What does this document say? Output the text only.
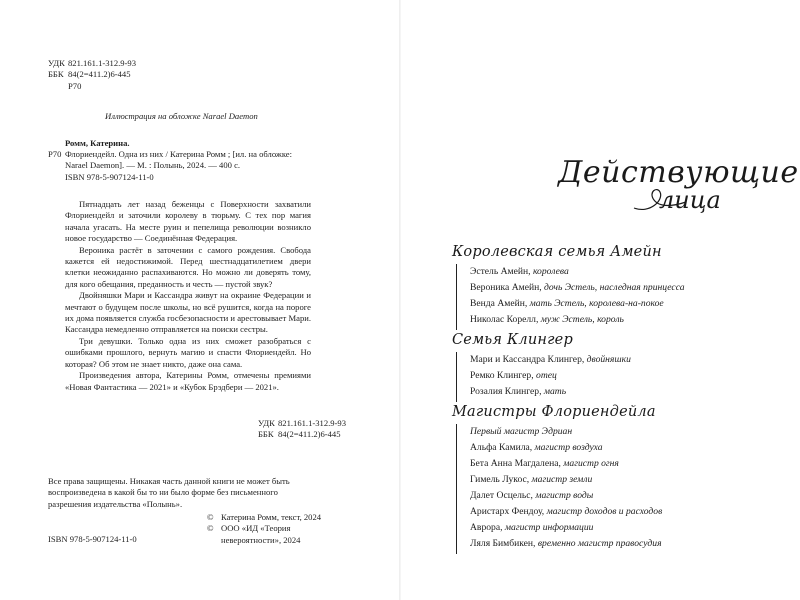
УДК 821.161.1-312.9-93
ББК 84(2=411.2)6-445
Р70
Иллюстрация на обложке Narael Daemon
Ромм, Катерина.
Р70 Флориендейл. Одна из них / Катерина Ромм ; [ил. на обложке:
Narael Daemon]. — М. : Полынь, 2024. — 400 с.
ISBN 978-5-907124-11-0

Пятнадцать лет назад беженцы с Поверхности захватили Флориендейл и заточили королеву в тюрьму. С тех пор магия начала угасать. На месте руин и пепелища революции возникло новое государство — Соединённая Федерация.

Вероника растёт в заточении с самого рождения. Свобода кажется ей недостижимой. Перед шестнадцатилетием двери клетки неожиданно распахиваются. Но можно ли доверять тому, для кого обещания, преданность и честь — пустой звук?

Двойняшки Мари и Кассандра живут на окраине Федерации и мечтают о будущем после школы, но всё рушится, когда на пороге их дома появляется служба госбезопасности и арестовывает Мари. Кассандра немедленно отправляется на поиски сестры.

Три девушки. Только одна из них сможет разобраться с ошибками прошлого, вернуть магию и спасти Флориендейл. Но которая? Об этом не знает никто, даже она сама.

Произведения автора, Катерины Ромм, отмечены премиями «Новая Фантастика — 2021» и «Кубок Брэдбери — 2021».

УДК 821.161.1-312.9-93
ББК 84(2=411.2)6-445
Все права защищены. Никакая часть данной книги не может быть
воспроизведена в какой бы то ни было форме без письменного
разрешения издательства «Полынь».
© Катерина Ромм, текст, 2024
© ООО «ИД «Теория
невероятности», 2024
ISBN 978-5-907124-11-0
Действующие
лица
Королевская семья Амейн
Эстель Амейн, королева
Вероника Амейн, дочь Эстель, наследная принцесса
Венда Амейн, мать Эстель, королева-на-покое
Николас Корелл, муж Эстель, король
Семья Клингер
Мари и Кассандра Клингер, двойняшки
Ремко Клингер, отец
Розалия Клингер, мать
Магистры Флориендейла
Первый магистр Эдриан
Альфа Камила, магистр воздуха
Бета Анна Магдалена, магистр огня
Гимель Лукос, магистр земли
Далет Осцельс, магистр воды
Аристарх Фендоу, магистр доходов и расходов
Аврора, магистр информации
Ляля Бимбикен, временно магистр правосудия
